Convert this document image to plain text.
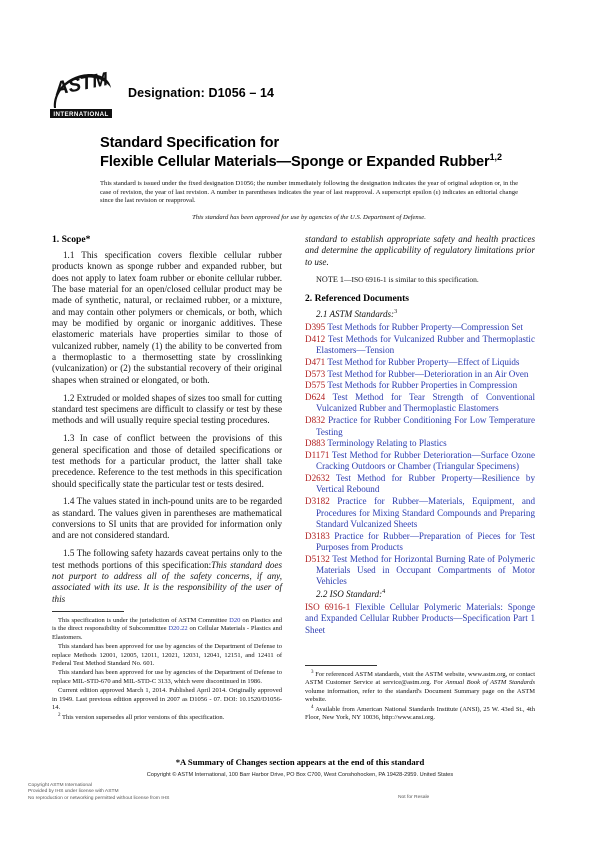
ASTM
INTERNATIONAL
Designation: D1056 – 14
Standard Specification for
Flexible Cellular Materials—Sponge or Expanded Rubber$^{1,2}$
This standard is issued under the fixed designation D1056; the number immediately following the designation indicates the year of original adoption or, in the case of revision, the year of last revision. A number in parentheses indicates the year of last reapproval. A superscript epsilon (ε) indicates an editorial change since the last revision or reapproval.
This standard has been approved for use by agencies of the U.S. Department of Defense.
1. Scope*

1.1 This specification covers flexible cellular rubber products known as sponge rubber and expanded rubber, but does not apply to latex foam rubber or ebonite cellular rubber. The base material for an open/closed cellular product may be made of synthetic, natural, or reclaimed rubber, or a mixture, and may contain other polymers or chemicals, or both, which may be modified by organic or inorganic additives. These elastomeric materials have properties similar to those of vulcanized rubber, namely (1) the ability to be converted from a thermoplastic to a thermosetting state by crosslinking (vulcanization) or (2) the substantial recovery of their original shapes when strained or elongated, or both.

1.2 Extruded or molded shapes of sizes too small for cutting standard test specimens are difficult to classify or test by these methods and will usually require special testing procedures.

1.3 In case of conflict between the provisions of this general specification and those of detailed specifications or test methods for a particular product, the latter shall take precedence. Reference to the test methods in this specification should specifically state the particular test or tests desired.

1.4 The values stated in inch-pound units are to be regarded as standard. The values given in parentheses are mathematical conversions to SI units that are provided for information only and are not considered standard.

1.5 The following safety hazards caveat pertains only to the test methods portions of this specification:This standard does not purport to address all of the safety concerns, if any, associated with its use. It is the responsibility of the user of this

standard to establish appropriate safety and health practices and determine the applicability of regulatory limitations prior to use.

NOTE 1—ISO 6916-1 is similar to this specification.

2. Referenced Documents
2.1 ASTM Standards:$^3$
D395 Test Methods for Rubber Property—Compression Set
D412 Test Methods for Vulcanized Rubber and Thermoplastic Elastomers—Tension
D471 Test Method for Rubber Property—Effect of Liquids
D573 Test Method for Rubber—Deterioration in an Air Oven
D575 Test Methods for Rubber Properties in Compression
D624 Test Method for Tear Strength of Conventional Vulcanized Rubber and Thermoplastic Elastomers
D832 Practice for Rubber Conditioning For Low Temperature Testing
D883 Terminology Relating to Plastics
D1171 Test Method for Rubber Deterioration—Surface Ozone Cracking Outdoors or Chamber (Triangular Specimens)
D2632 Test Method for Rubber Property—Resilience by Vertical Rebound
D3182 Practice for Rubber—Materials, Equipment, and Procedures for Mixing Standard Compounds and Preparing Standard Vulcanized Sheets
D3183 Practice for Rubber—Preparation of Pieces for Test Purposes from Products
D5132 Test Method for Horizontal Burning Rate of Polymeric Materials Used in Occupant Compartments of Motor Vehicles
2.2 ISO Standard:$^4$
ISO 6916-1 Flexible Cellular Polymeric Materials: Sponge and Expanded Cellular Rubber Products—Specification Part 1 Sheet

This specification is under the jurisdiction of ASTM Committee D20 on Plastics and is the direct responsibility of Subcommittee D20.22 on Cellular Materials - Plastics and Elastomers.

This standard has been approved for use by agencies of the Department of Defense to replace Methods 12001, 12005, 12011, 12021, 12031, 12041, 12151, and 12411 of Federal Test Method Standard No. 601.

This standard has been approved for use by agencies of the Department of Defense to replace MIL-STD-670 and MIL-STD-C 3133, which were discontinued in 1986.

Current edition approved March 1, 2014. Published April 2014. Originally approved in 1949. Last previous edition approved in 2007 as D1056 - 07. DOI: 10.1520/D1056-14.

$^2$ This version supersedes all prior versions of this specification.

$^3$ For referenced ASTM standards, visit the ASTM website, www.astm.org, or contact ASTM Customer Service at service@astm.org. For Annual Book of ASTM Standards volume information, refer to the standard's Document Summary page on the ASTM website.

$^4$ Available from American National Standards Institute (ANSI), 25 W. 43ed St., 4th Floor, New York, NY 10036, http://www.ansi.org.

*A Summary of Changes section appears at the end of this standard
Copyright © ASTM International, 100 Barr Harbor Drive, PO Box C700, West Conshohocken, PA 19428-2959. United States
Copyright ASTM International
Provided by IHS under license with ASTM
No reproduction or networking permitted without license from IHS	Not for Resale
